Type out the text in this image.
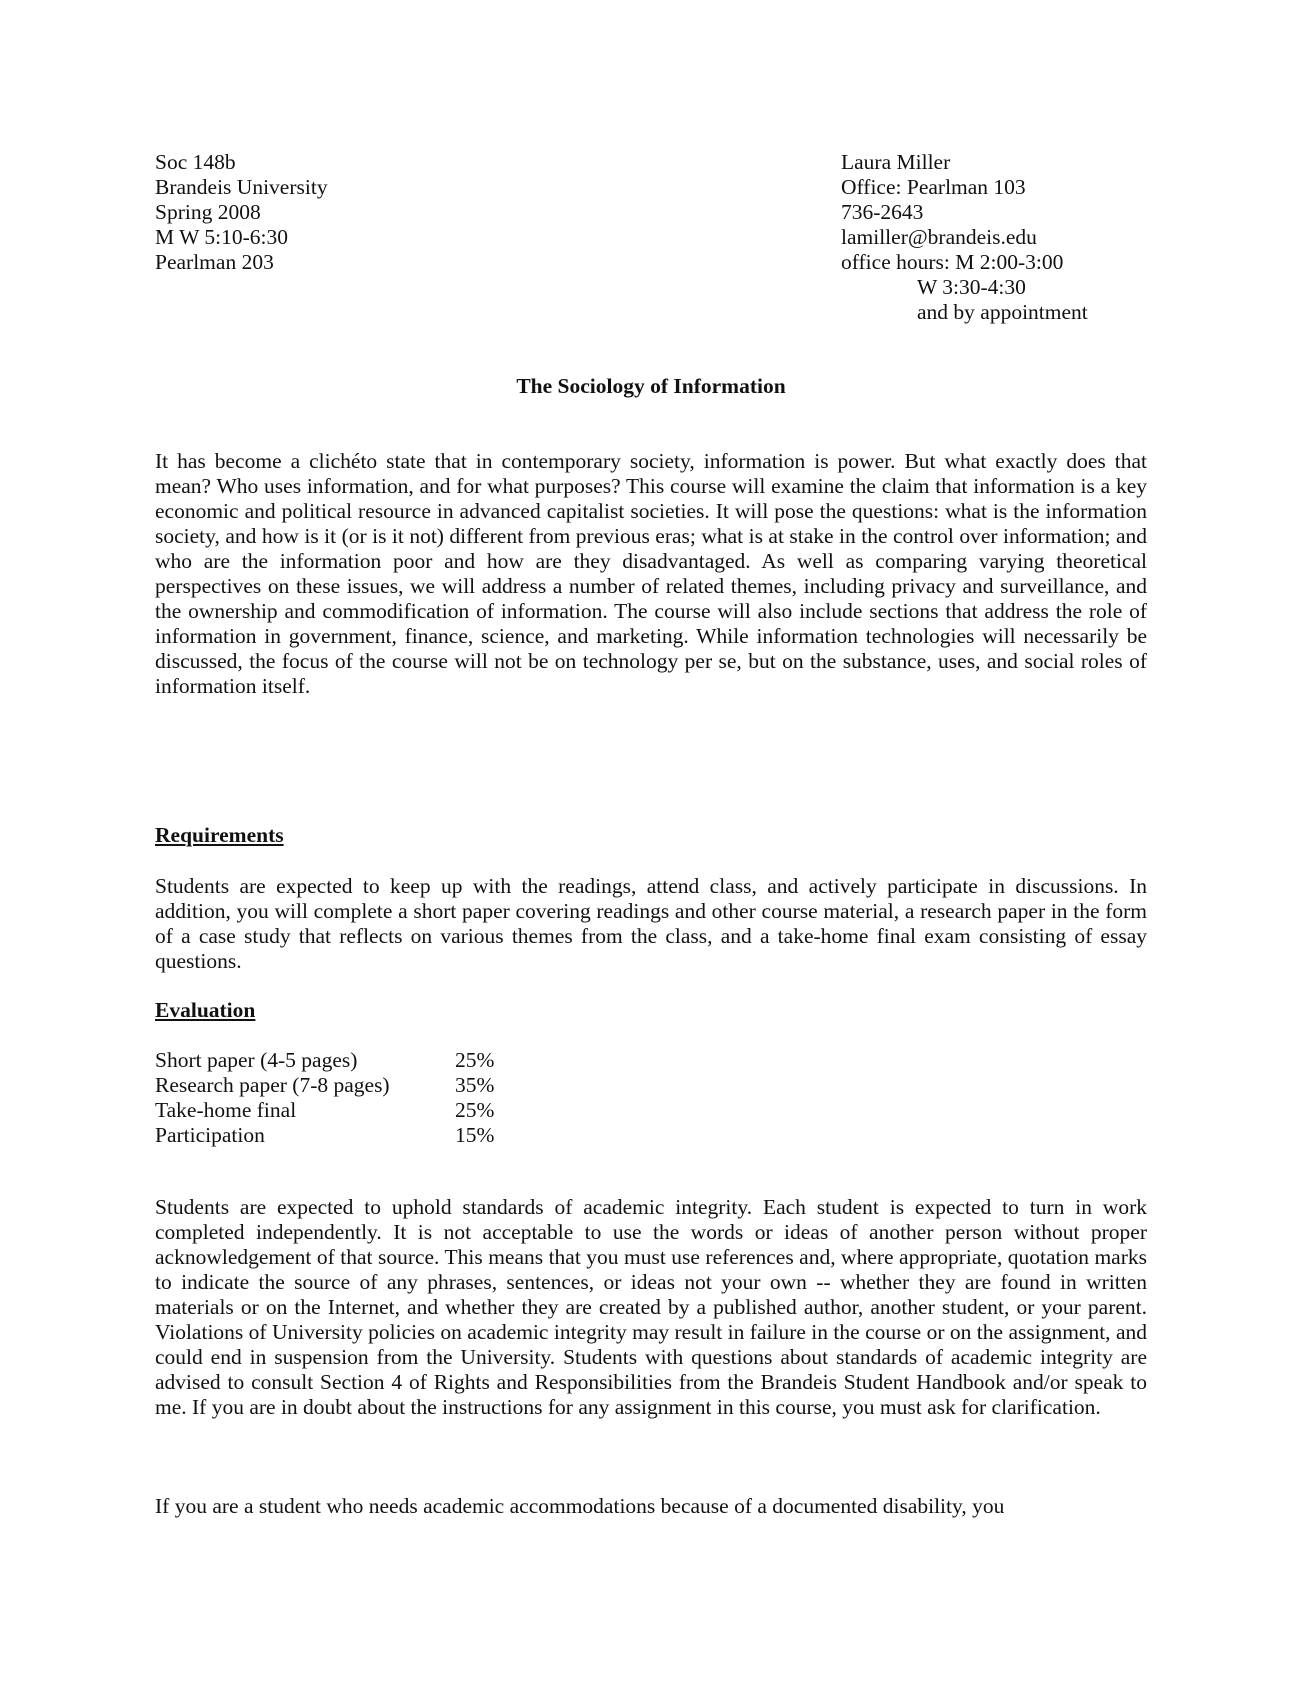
Soc 148b
Brandeis University
Spring 2008
M W 5:10-6:30
Pearlman 203
Laura Miller
Office: Pearlman 103
736-2643
lamiller@brandeis.edu
office hours: M 2:00-3:00
W 3:30-4:30
and by appointment
The Sociology of Information

It has become a clichéto state that in contemporary society, information is power. But what exactly does that mean? Who uses information, and for what purposes? This course will examine the claim that information is a key economic and political resource in advanced capitalist societies. It will pose the questions: what is the information society, and how is it (or is it not) different from previous eras; what is at stake in the control over information; and who are the information poor and how are they disadvantaged. As well as comparing varying theoretical perspectives on these issues, we will address a number of related themes, including privacy and surveillance, and the ownership and commodification of information. The course will also include sections that address the role of information in government, finance, science, and marketing. While information technologies will necessarily be discussed, the focus of the course will not be on technology per se, but on the substance, uses, and social roles of information itself.

Requirements

Students are expected to keep up with the readings, attend class, and actively participate in discussions. In addition, you will complete a short paper covering readings and other course material, a research paper in the form of a case study that reflects on various themes from the class, and a take-home final exam consisting of essay questions.

Evaluation
Short paper (4-5 pages)	25%
Research paper (7-8 pages)	35%
Take-home final	25%
Participation	15%

Students are expected to uphold standards of academic integrity. Each student is expected to turn in work completed independently. It is not acceptable to use the words or ideas of another person without proper acknowledgement of that source. This means that you must use references and, where appropriate, quotation marks to indicate the source of any phrases, sentences, or ideas not your own -- whether they are found in written materials or on the Internet, and whether they are created by a published author, another student, or your parent. Violations of University policies on academic integrity may result in failure in the course or on the assignment, and could end in suspension from the University. Students with questions about standards of academic integrity are advised to consult Section 4 of Rights and Responsibilities from the Brandeis Student Handbook and/or speak to me. If you are in doubt about the instructions for any assignment in this course, you must ask for clarification.

If you are a student who needs academic accommodations because of a documented disability, you
